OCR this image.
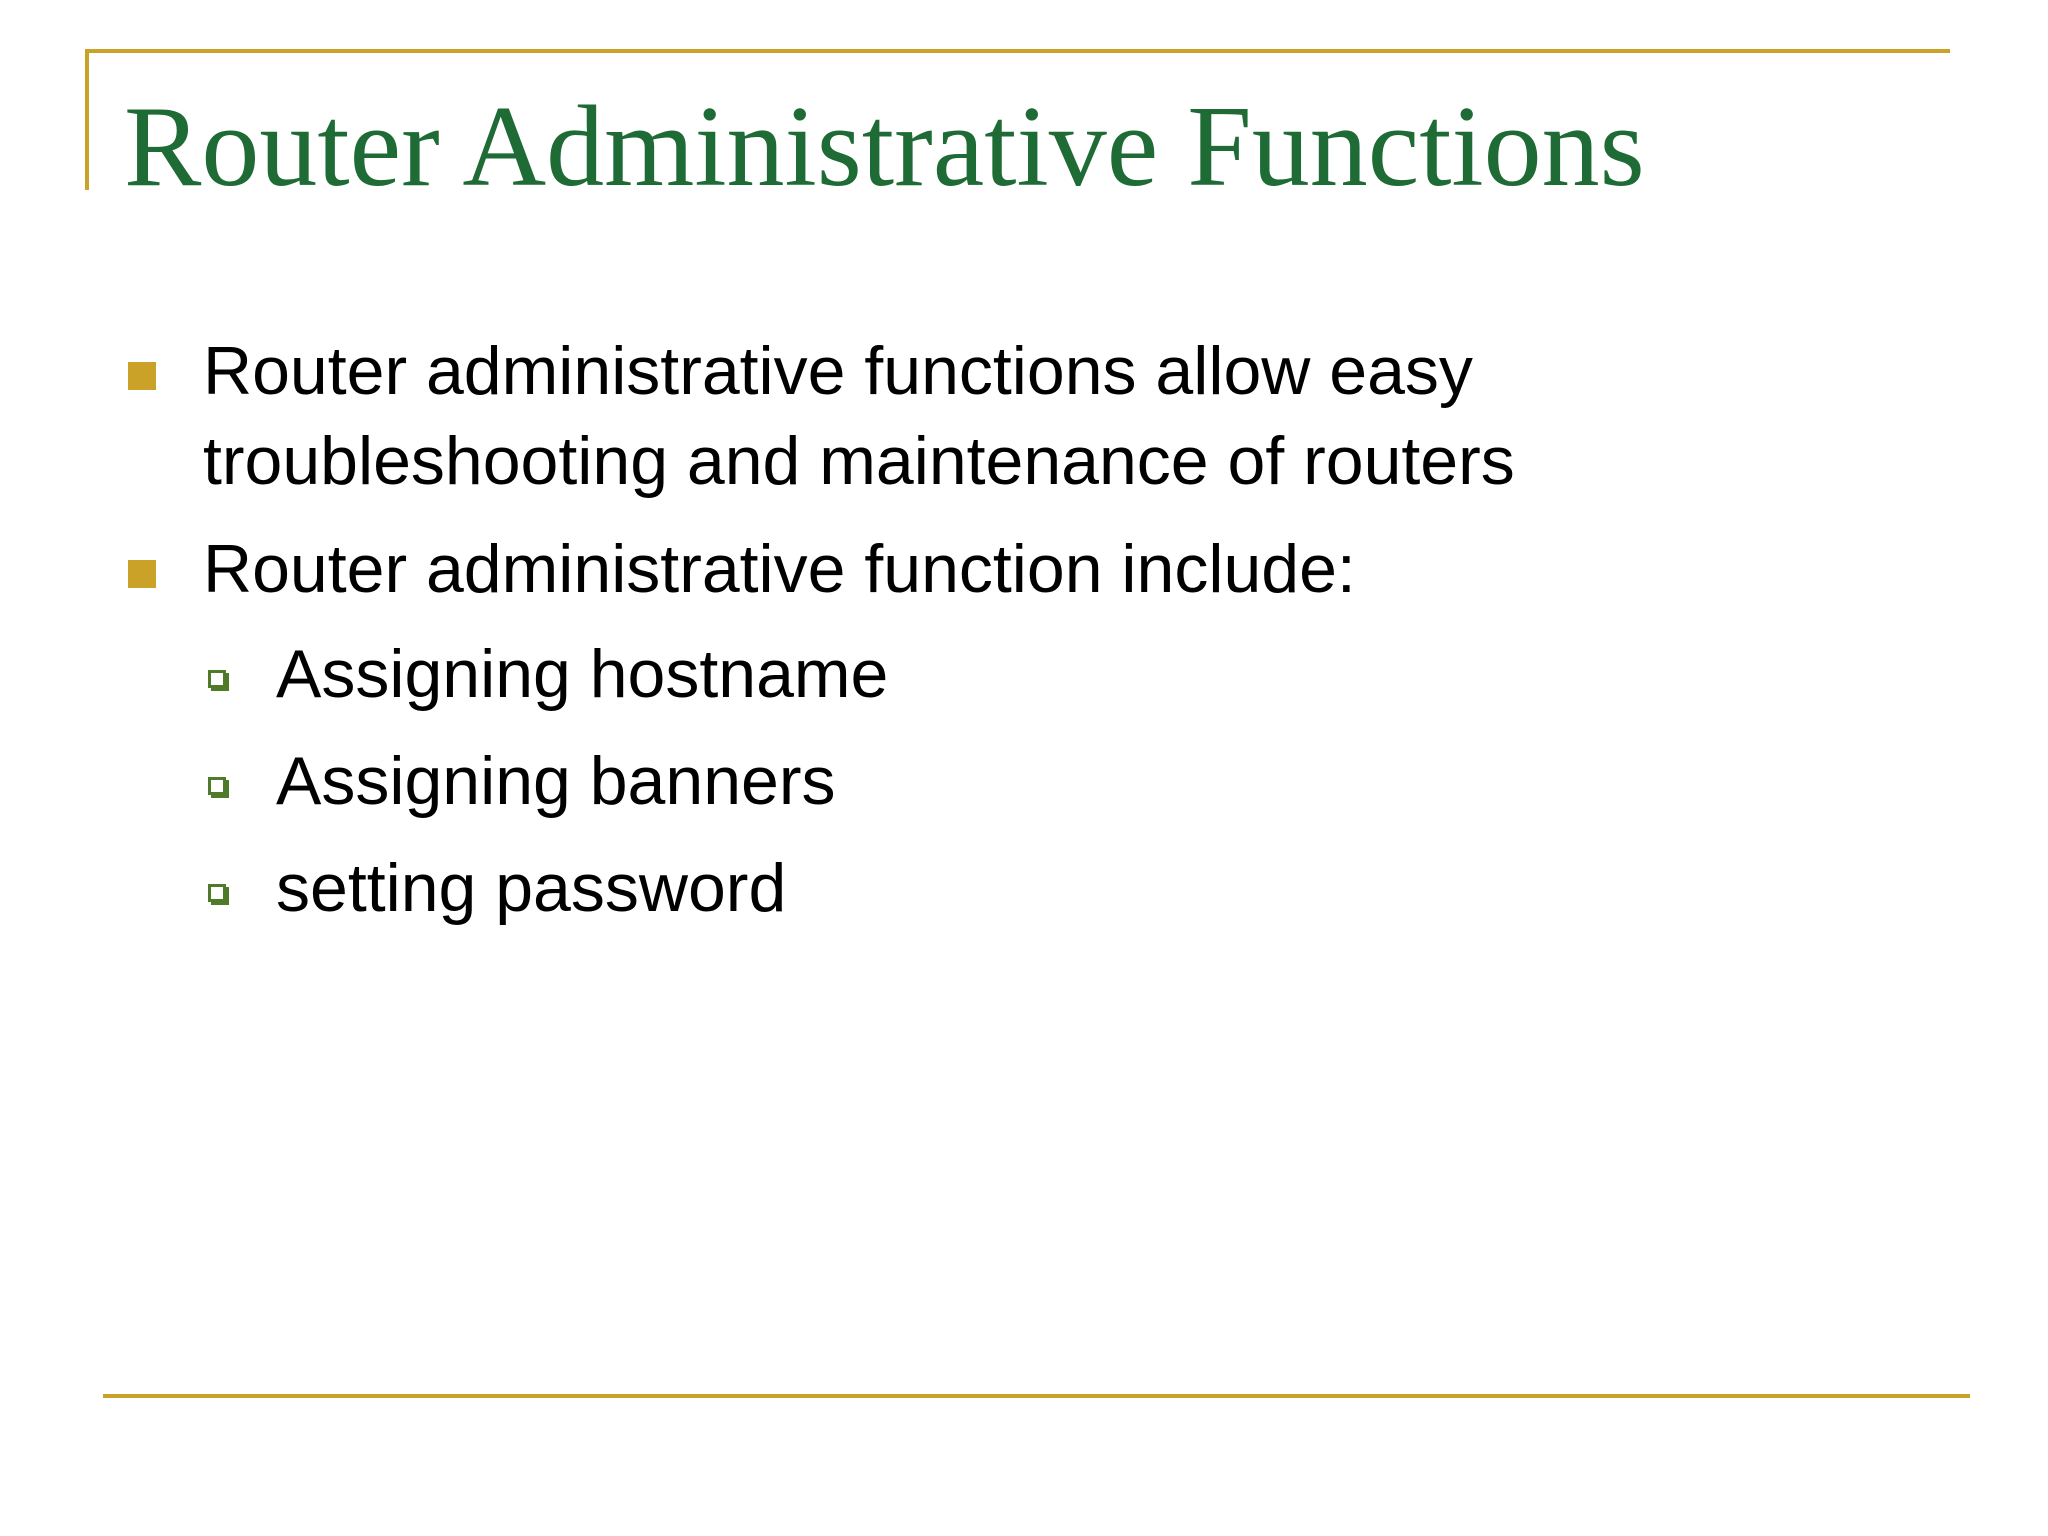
Router Administrative Functions
Router administrative functions allow easy
troubleshooting and maintenance of routers
Router administrative function include:
Assigning hostname
Assigning banners
setting password
